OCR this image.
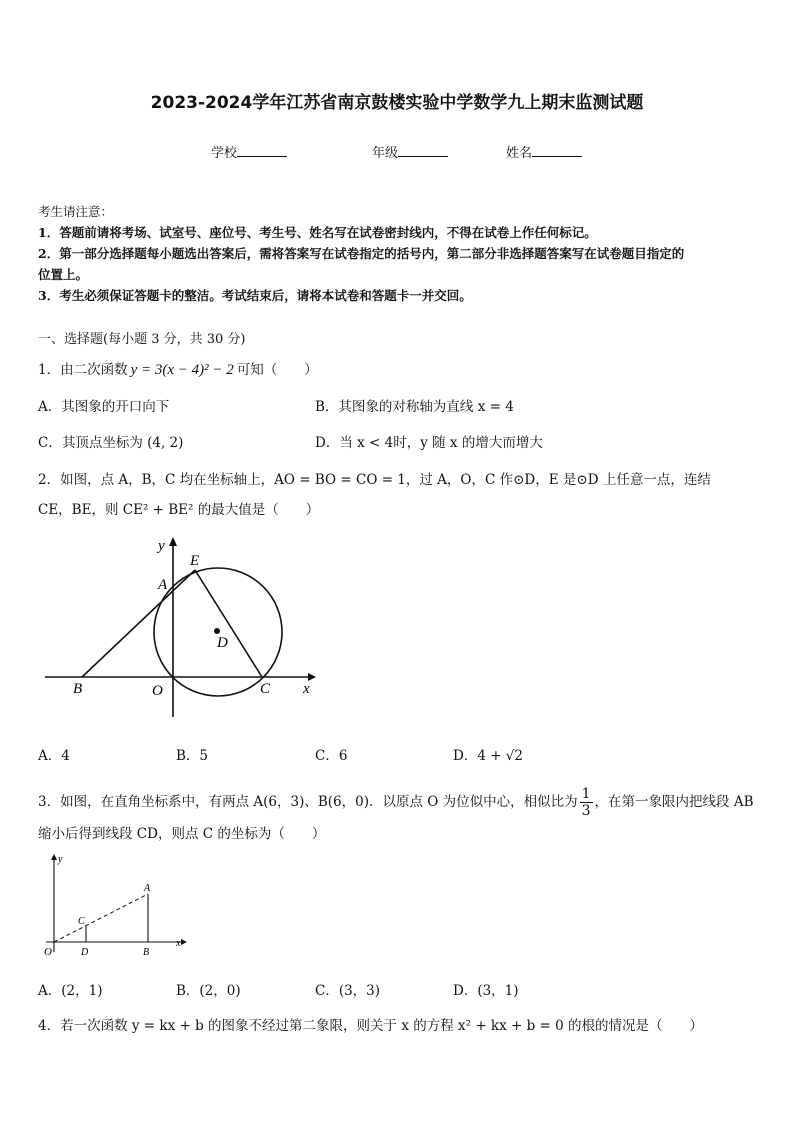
2023-2024学年江苏省南京鼓楼实验中学数学九上期末监测试题
学校	年级	姓名
考生请注意：
1．答题前请将考场、试室号、座位号、考生号、姓名写在试卷密封线内，不得在试卷上作任何标记。
2．第一部分选择题每小题选出答案后，需将答案写在试卷指定的括号内，第二部分非选择题答案写在试卷题目指定的
位置上。
3．考生必须保证答题卡的整洁。考试结束后，请将本试卷和答题卡一并交回。
一、选择题(每小题 3 分，共 30 分)
1．由二次函数 y = 3(x − 4)² − 2 可知（　　）
A．其图象的开口向下	B．其图象的对称轴为直线 x = 4
C．其顶点坐标为 (4, 2)	D．当 x < 4时，y 随 x 的增大而增大
2．如图，点 A，B，C 均在坐标轴上，AO = BO = CO = 1，过 A，O，C 作⊙D，E 是⊙D 上任意一点，连结
CE，BE，则 CE² + BE² 的最大值是（　　）
y
x
E
A
D
B	O	C
A．4	B．5	C．6	D．4 + √2
3．如图，在直角坐标系中，有两点 A(6，3)、B(6，0)．以原点 O 为位似中心，相似比为 $\frac{1}{3}$ ，在第一象限内把线段 AB
缩小后得到线段 CD，则点 C 的坐标为（　　）
y
x
O
A
B
C
D
A．(2，1)	B．(2，0)	C．(3，3)	D．(3，1)
4．若一次函数 y = kx + b 的图象不经过第二象限，则关于 x 的方程 x² + kx + b = 0 的根的情况是（　　）
